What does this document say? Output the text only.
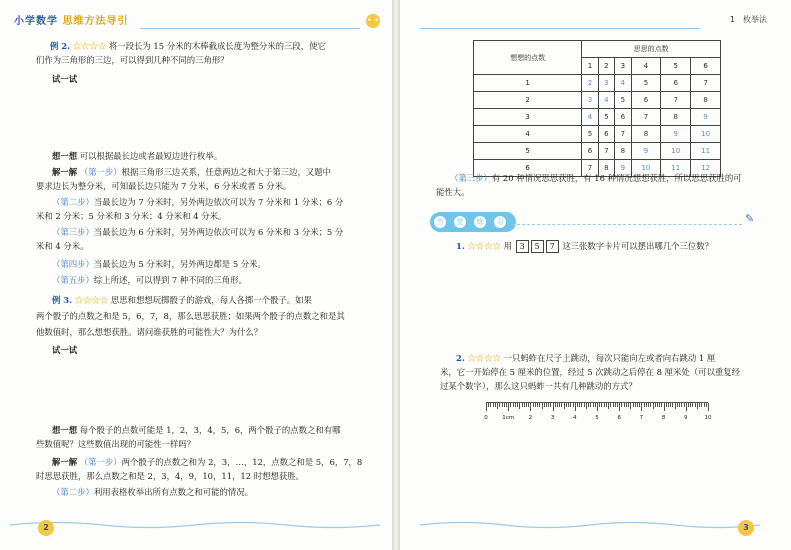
小学数学 思维方法导引	• •
例 2. ☆☆☆☆ 将一段长为 15 分米的木棒截成长度为整分米的三段，使它
们作为三角形的三边，可以得到几种不同的三角形？
试一试
想一想 可以根据最长边或者最短边进行枚举。
解一解 （第一步）根据三角形三边关系，任意两边之和大于第三边，又题中
要求边长为整分米，可知最长边只能为 7 分米，6 分米或者 5 分米。
（第二步）当最长边为 7 分米时，另外两边依次可以为 7 分米和 1 分米；6 分
米和 2 分米；5 分米和 3 分米；4 分米和 4 分米。
（第三步）当最长边为 6 分米时，另外两边依次可以为 6 分米和 3 分米；5 分
米和 4 分米。
（第四步）当最长边为 5 分米时，另外两边都是 5 分米。
（第五步）综上所述，可以得到 7 种不同的三角形。
例 3. ☆☆☆☆ 思思和想想玩掷骰子的游戏，每人各掷一个骰子。如果
两个骰子的点数之和是 5，6，7，8，那么思思获胜；如果两个骰子的点数之和是其
他数值时，那么想想获胜。请问谁获胜的可能性大？为什么？
试一试
想一想 每个骰子的点数可能是 1，2，3，4，5，6，两个骰子的点数之和有哪
些数值呢？这些数值出现的可能性一样吗？
解一解 （第一步）两个骰子的点数之和为 2，3，…，12，点数之和是 5，6，7，8
时思思获胜，那么点数之和是 2，3，4，9，10，11，12 时想想获胜。
（第二步）利用表格枚举出所有点数之和可能的情况。
2
1　枚举法
想想的点数	思思的点数					
	1	2	3	4	5	6
1	2	3	4	5	6	7
2	3	4	5	6	7	8
3	4	5	6	7	8	9
4	5	6	7	8	9	10
5	6	7	8	9	10	11
6	7	8	9	10	11	12
（第三步）有 20 种情况思思获胜，有 16 种情况想想获胜，所以思思获胜的可
能性大。
当	堂	练	习	✎
1. ☆☆☆☆ 用 3 5 7 这三张数字卡片可以摆出哪几个三位数？
2. ☆☆☆☆ 一只蚂蚱在尺子上跳动，每次只能向左或者向右跳动 1 厘
米，它一开始停在 5 厘米的位置，经过 5 次跳动之后停在 8 厘米处（可以重复经
过某个数字），那么这只蚂蚱一共有几种跳动的方式？
0	1cm	2	3	4	5	6	7	8	9	10
3
